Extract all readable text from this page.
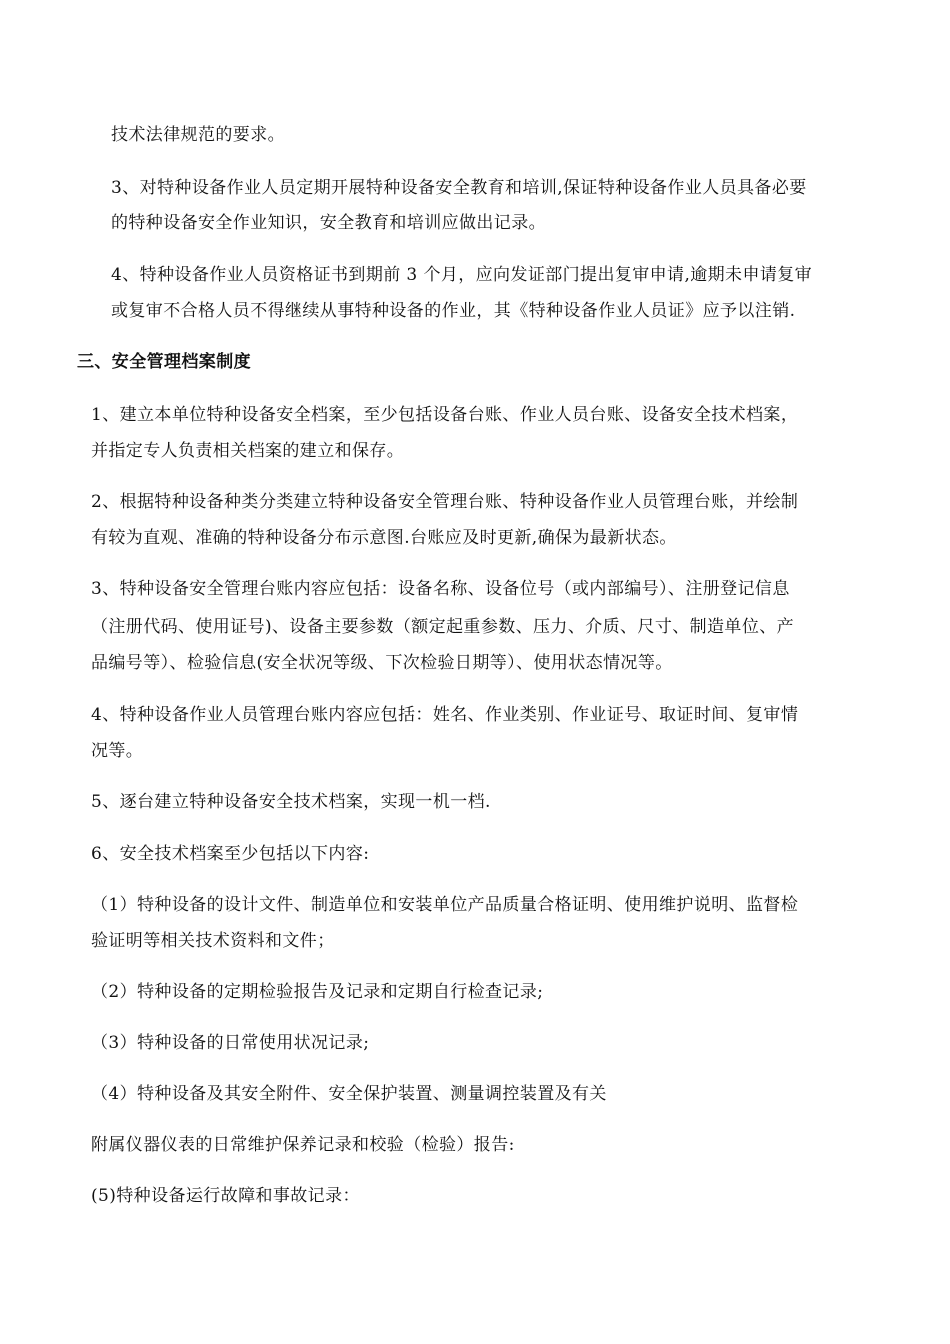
技术法律规范的要求。
3、对特种设备作业人员定期开展特种设备安全教育和培训,保证特种设备作业人员具备必要
的特种设备安全作业知识，安全教育和培训应做出记录。
4、特种设备作业人员资格证书到期前 3 个月，应向发证部门提出复审申请,逾期未申请复审
或复审不合格人员不得继续从事特种设备的作业，其《特种设备作业人员证》应予以注销.
三、安全管理档案制度
1、建立本单位特种设备安全档案，至少包括设备台账、作业人员台账、设备安全技术档案，
并指定专人负责相关档案的建立和保存。
2、根据特种设备种类分类建立特种设备安全管理台账、特种设备作业人员管理台账，并绘制
有较为直观、准确的特种设备分布示意图.台账应及时更新,确保为最新状态。
3、特种设备安全管理台账内容应包括：设备名称、设备位号（或内部编号）、注册登记信息
（注册代码、使用证号)、设备主要参数（额定起重参数、压力、介质、尺寸、制造单位、产
品编号等）、检验信息(安全状况等级、下次检验日期等）、使用状态情况等。
4、特种设备作业人员管理台账内容应包括：姓名、作业类别、作业证号、取证时间、复审情
况等。
5、逐台建立特种设备安全技术档案，实现一机一档.
6、安全技术档案至少包括以下内容:
（1）特种设备的设计文件、制造单位和安装单位产品质量合格证明、使用维护说明、监督检
验证明等相关技术资料和文件；
（2）特种设备的定期检验报告及记录和定期自行检查记录;
（3）特种设备的日常使用状况记录;
（4）特种设备及其安全附件、安全保护装置、测量调控装置及有关
附属仪器仪表的日常维护保养记录和校验（检验）报告:
(5)特种设备运行故障和事故记录：
